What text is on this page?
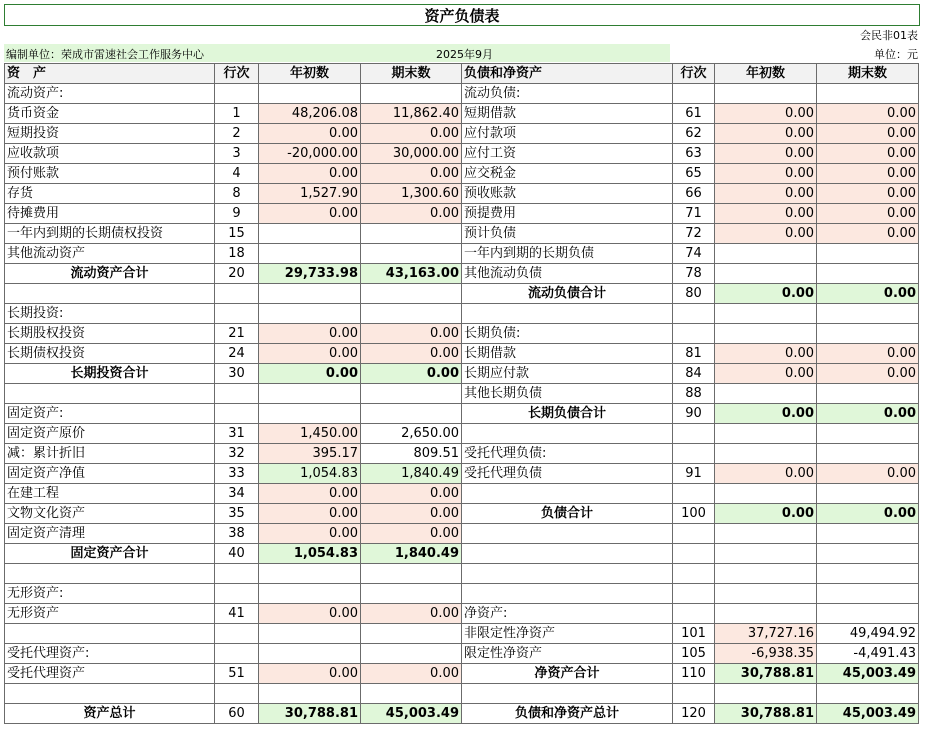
资产负债表
会民非01表
编制单位：荣成市雷速社会工作服务中心	2025年9月	单位：元
资　产	行次	年初数	期末数	负债和净资产	行次	年初数	期末数
流动资产:				流动负债:			
货币资金	1	48,206.08	11,862.40	短期借款	61	0.00	0.00
短期投资	2	0.00	0.00	应付款项	62	0.00	0.00
应收款项	3	-20,000.00	30,000.00	应付工资	63	0.00	0.00
预付账款	4	0.00	0.00	应交税金	65	0.00	0.00
存货	8	1,527.90	1,300.60	预收账款	66	0.00	0.00
待摊费用	9	0.00	0.00	预提费用	71	0.00	0.00
一年内到期的长期债权投资	15			预计负债	72	0.00	0.00
其他流动资产	18			一年内到期的长期负债	74		
流动资产合计	20	29,733.98	43,163.00	其他流动负债	78		
				流动负债合计	80	0.00	0.00
长期投资:							
长期股权投资	21	0.00	0.00	长期负债:			
长期债权投资	24	0.00	0.00	长期借款	81	0.00	0.00
长期投资合计	30	0.00	0.00	长期应付款	84	0.00	0.00
				其他长期负债	88		
固定资产:				长期负债合计	90	0.00	0.00
固定资产原价	31	1,450.00	2,650.00				
减：累计折旧	32	395.17	809.51	受托代理负债:			
固定资产净值	33	1,054.83	1,840.49	受托代理负债	91	0.00	0.00
在建工程	34	0.00	0.00				
文物文化资产	35	0.00	0.00	负债合计	100	0.00	0.00
固定资产清理	38	0.00	0.00				
固定资产合计	40	1,054.83	1,840.49				

无形资产:							
无形资产	41	0.00	0.00	净资产:			
				非限定性净资产	101	37,727.16	49,494.92
受托代理资产:				限定性净资产	105	-6,938.35	-4,491.43
受托代理资产	51	0.00	0.00	净资产合计	110	30,788.81	45,003.49

资产总计	60	30,788.81	45,003.49	负债和净资产总计	120	30,788.81	45,003.49
